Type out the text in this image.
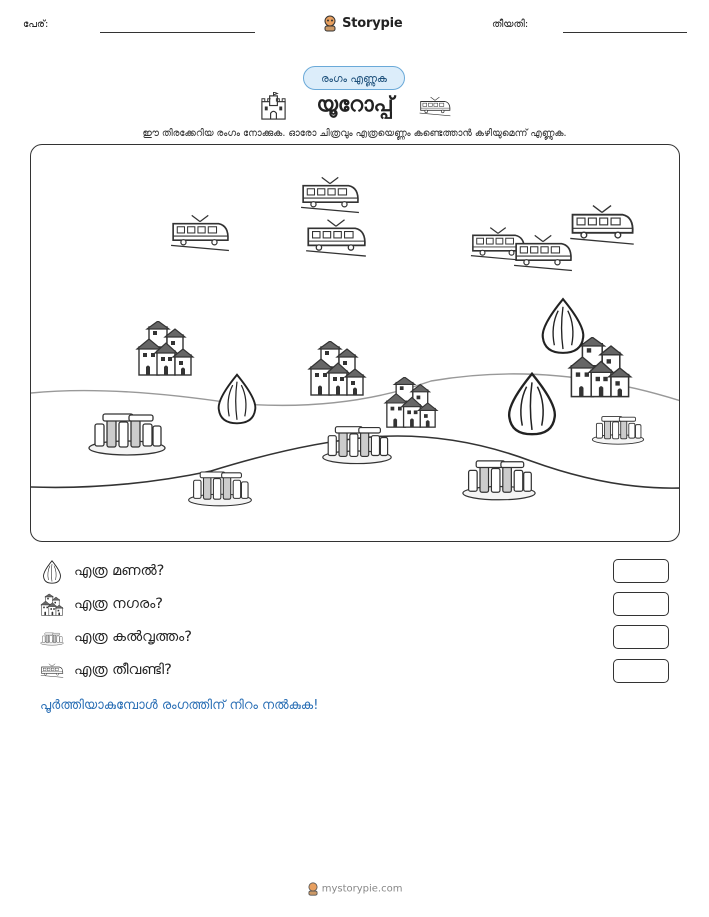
പേര്:	Storypie	തീയതി:
രംഗം എണ്ണുക
യൂറോപ്പ്
ഈ തിരക്കേറിയ രംഗം നോക്കുക. ഓരോ ചിത്രവും എത്രയെണ്ണം കണ്ടെത്താൻ കഴിയുമെന്ന് എണ്ണുക.
എത്ര മണൽ?
എത്ര നഗരം?
എത്ര കൽവൃത്തം?
എത്ര തീവണ്ടി?
പൂർത്തിയാകുമ്പോൾ രംഗത്തിന് നിറം നൽകുക!
mystorypie.com
